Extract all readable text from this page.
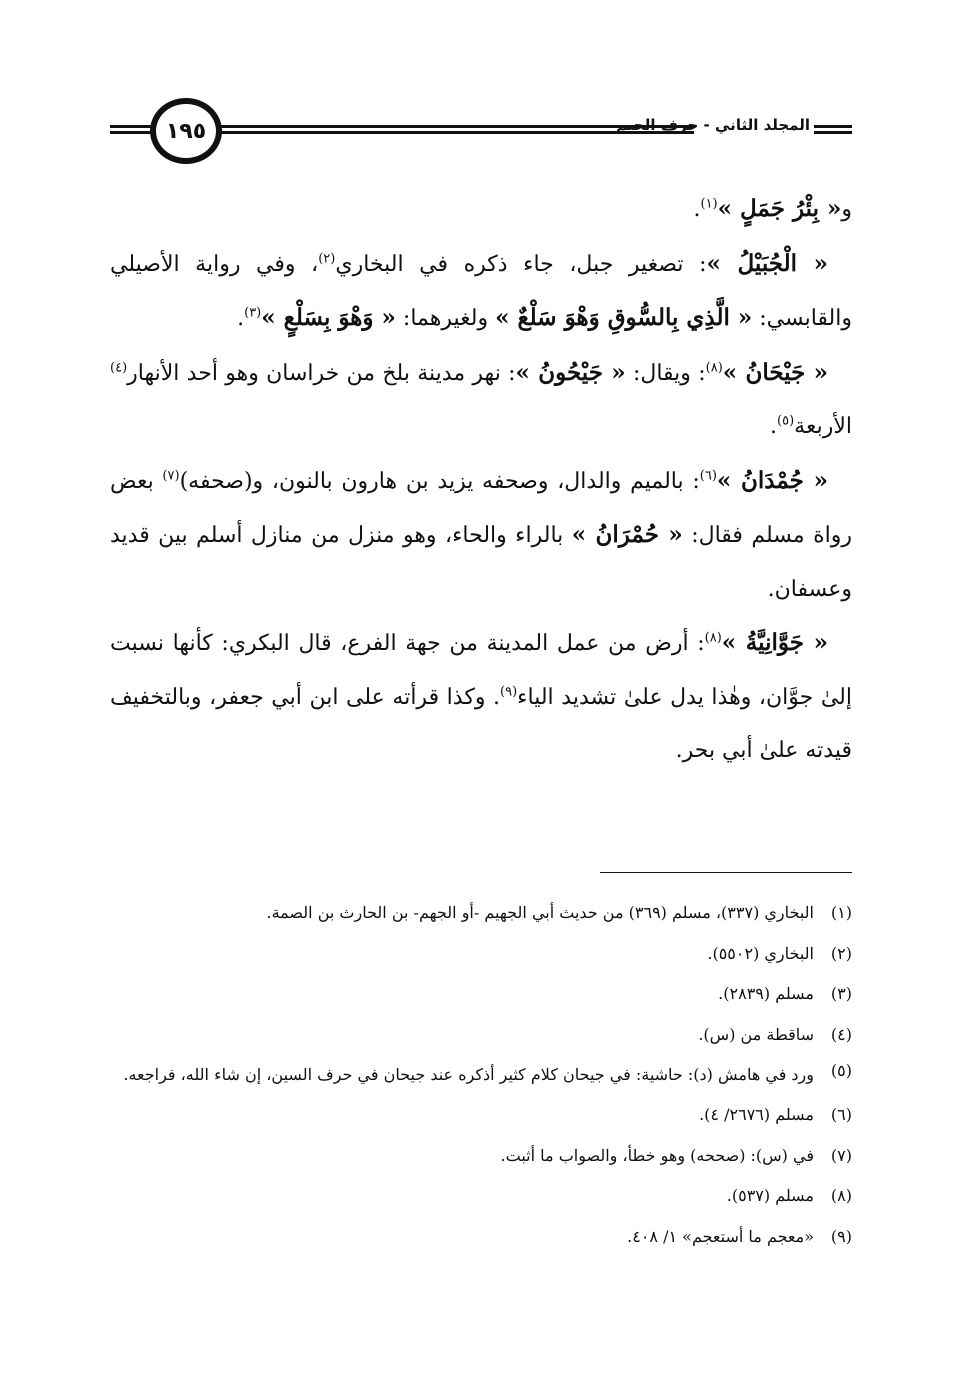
١٩٥	المجلد الثاني - حرف الجيم

و« بِئْرُ جَمَلٍ »$^{(١)}$.

« الْجُبَيْلُ »: تصغير جبل، جاء ذكره في البخاري$^{(٢)}$، وفي رواية الأصيلي والقابسي: « الَّذِي بِالسُّوقِ وَهْوَ سَلْعٌ » ولغيرهما: « وَهْوَ بِسَلْعٍ »$^{(٣)}$.

« جَيْحَانُ »$^{(٨)}$: ويقال: « جَيْحُونُ »: نهر مدينة بلخ من خراسان وهو أحد الأنهار$^{(٤)}$ الأربعة$^{(٥)}$.

« جُمْدَانُ »$^{(٦)}$: بالميم والدال، وصحفه يزيد بن هارون بالنون، و(صحفه)$^{(٧)}$ بعض رواة مسلم فقال: « حُمْرَانُ » بالراء والحاء، وهو منزل من منازل أسلم بين قديد وعسفان.

« جَوَّانِيَّةُ »$^{(٨)}$: أرض من عمل المدينة من جهة الفرع، قال البكري: كأنها نسبت إلىٰ جوَّان، وهٰذا يدل علىٰ تشديد الياء$^{(٩)}$. وكذا قرأته على ابن أبي جعفر، وبالتخفيف قيدته علىٰ أبي بحر.

(١)
البخاري (٣٣٧)، مسلم (٣٦٩) من حديث أبي الجهيم -أو الجهم- بن الحارث بن الصمة.
(٢)
البخاري (٥٥٠٢).
(٣)
مسلم (٢٨٣٩).
(٤)
ساقطة من (س).
(٥)
ورد في هامش (د): حاشية: في جيحان كلام كثير أذكره عند جيحان في حرف السين، إن شاء الله، فراجعه.
(٦)
مسلم (٢٦٧٦/ ٤).
(٧)
في (س): (صححه) وهو خطأ، والصواب ما أثبت.
(٨)
مسلم (٥٣٧).
(٩)
«معجم ما أستعجم» ١/ ٤٠٨.
